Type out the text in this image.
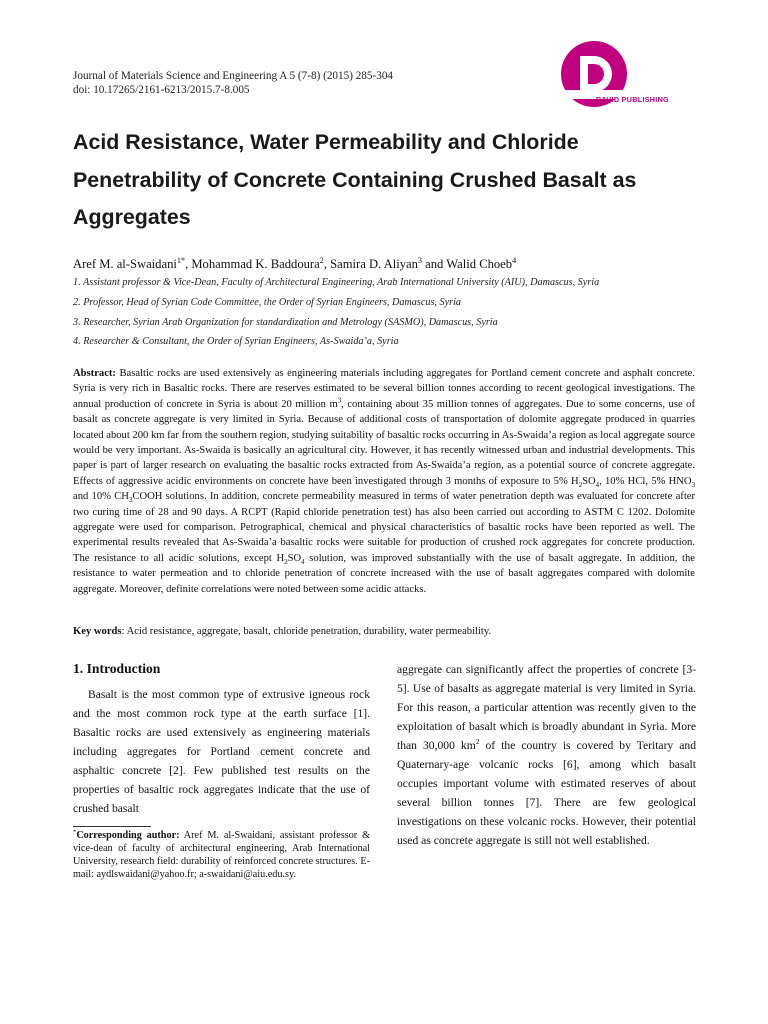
Journal of Materials Science and Engineering A 5 (7-8) (2015) 285-304
doi: 10.17265/2161-6213/2015.7-8.005
DAVID PUBLISHING
Acid Resistance, Water Permeability and Chloride
Penetrability of Concrete Containing Crushed Basalt as
Aggregates
Aref M. al-Swaidani$^{1*}$, Mohammad K. Baddoura$^2$, Samira D. Aliyan$^3$ and Walid Choeb$^4$
1. Assistant professor & Vice-Dean, Faculty of Architectural Engineering, Arab International University (AIU), Damascus, Syria
2. Professor, Head of Syrian Code Committee, the Order of Syrian Engineers, Damascus, Syria
3. Researcher, Syrian Arab Organization for standardization and Metrology (SASMO), Damascus, Syria
4. Researcher & Consultant, the Order of Syrian Engineers, As-Swaida’a, Syria

Abstract: Basaltic rocks are used extensively as engineering materials including aggregates for Portland cement concrete and asphalt concrete. Syria is very rich in Basaltic rocks. There are reserves estimated to be several billion tonnes according to recent geological investigations. The annual production of concrete in Syria is about 20 million $m^3$, containing about 35 million tonnes of aggregates. Due to some concerns, use of basalt as concrete aggregate is very limited in Syria. Because of additional costs of transportation of dolomite aggregate produced in quarries located about 200 km far from the southern region, studying suitability of basaltic rocks occurring in As-Swaida’a region as local aggregate source would be very important. As-Swaida is basically an agricultural city. However, it has recently witnessed urban and industrial developments. This paper is part of larger research on evaluating the basaltic rocks extracted from As-Swaida’a region, as a potential source of concrete aggregate. Effects of aggressive acidic environments on concrete have been investigated through 3 months of exposure to 5% $H_2SO_4$, 10% HCl, 5% $HNO_3$ and 10% $CH_3COOH$ solutions. In addition, concrete permeability measured in terms of water penetration depth was evaluated for concrete after two curing time of 28 and 90 days. A RCPT (Rapid chloride penetration test) has also been carried out according to ASTM C 1202. Dolomite aggregate were used for comparison. Petrographical, chemical and physical characteristics of basaltic rocks have been reported as well. The experimental results revealed that As-Swaida’a basaltic rocks were suitable for production of crushed rock aggregates for concrete production. The resistance to all acidic solutions, except $H_2SO_4$ solution, was improved substantially with the use of basalt aggregate. In addition, the resistance to water permeation and to chloride penetration of concrete increased with the use of basalt aggregates compared with dolomite aggregate. Moreover, definite correlations were noted between some acidic attacks.

Key words: Acid resistance, aggregate, basalt, chloride penetration, durability, water permeability.
1. Introduction

Basalt is the most common type of extrusive igneous rock and the most common rock type at the earth surface [1]. Basaltic rocks are used extensively as engineering materials including aggregates for Portland cement concrete and asphaltic concrete [2]. Few published test results on the properties of basaltic rock aggregates indicate that the use of crushed basalt

aggregate can significantly affect the properties of concrete [3-5]. Use of basalts as aggregate material is very limited in Syria. For this reason, a particular attention was recently given to the exploitation of basalt which is broadly abundant in Syria. More than 30,000 $km^2$ of the country is covered by Teritary and Quaternary-age volcanic rocks [6], among which basalt occupies important volume with estimated reserves of about several billion tonnes [7]. There are few geological investigations on these volcanic rocks. However, their potential used as concrete aggregate is still not well established.

*Corresponding author: Aref M. al-Swaidani, assistant professor & vice-dean of faculty of architectural engineering, Arab International University, research field: durability of reinforced concrete structures. E-mail: aydlswaidani@yahoo.fr; a-swaidani@aiu.edu.sy.
